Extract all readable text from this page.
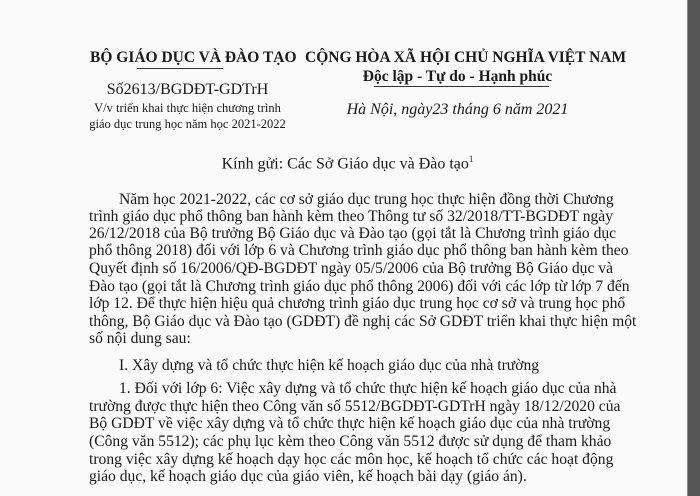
BỘ GIÁO DỤC VÀ ĐÀO TẠO
Số2613/BGDĐT-GDTrH
V/v triển khai thực hiện chương trình
giáo dục trung học năm học 2021-2022
CỘNG HÒA XÃ HỘI CHỦ NGHĨA VIỆT NAM
Độc lập - Tự do - Hạnh phúc
Hà Nội, ngày23 tháng 6 năm 2021
Kính gửi: Các Sở Giáo dục và Đào tạo$^1$
Năm học 2021-2022, các cơ sở giáo dục trung học thực hiện đồng thời Chương
trình giáo dục phổ thông ban hành kèm theo Thông tư số 32/2018/TT-BGDĐT ngày
26/12/2018 của Bộ trưởng Bộ Giáo dục và Đào tạo (gọi tắt là Chương trình giáo dục
phổ thông 2018) đối với lớp 6 và Chương trình giáo dục phổ thông ban hành kèm theo
Quyết định số 16/2006/QĐ-BGDĐT ngày 05/5/2006 của Bộ trưởng Bộ Giáo dục và
Đào tạo (gọi tắt là Chương trình giáo dục phổ thông 2006) đối với các lớp từ lớp 7 đến
lớp 12. Để thực hiện hiệu quả chương trình giáo dục trung học cơ sở và trung học phổ
thông, Bộ Giáo dục và Đào tạo (GDĐT) đề nghị các Sở GDĐT triển khai thực hiện một
số nội dung sau:
I. Xây dựng và tổ chức thực hiện kế hoạch giáo dục của nhà trường
1. Đối với lớp 6: Việc xây dựng và tổ chức thực hiện kế hoạch giáo dục của nhà
trường được thực hiện theo Công văn số 5512/BGDĐT-GDTrH ngày 18/12/2020 của
Bộ GDĐT về việc xây dựng và tổ chức thực hiện kế hoạch giáo dục của nhà trường
(Công văn 5512); các phụ lục kèm theo Công văn 5512 được sử dụng để tham khảo
trong việc xây dựng kế hoạch dạy học các môn học, kế hoạch tổ chức các hoạt động
giáo dục, kế hoạch giáo dục của giáo viên, kế hoạch bài dạy (giáo án).
